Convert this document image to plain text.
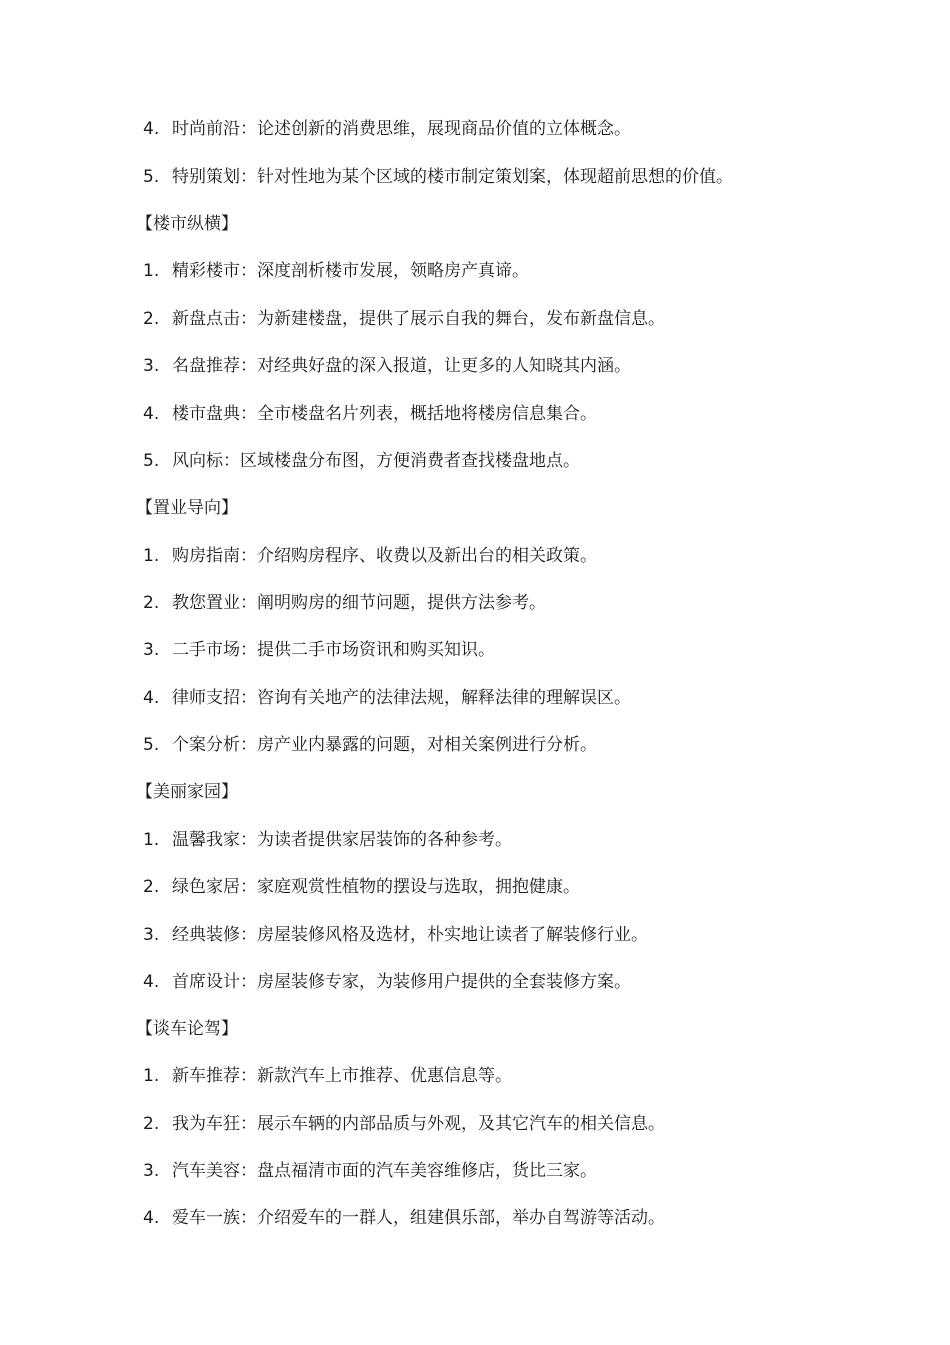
4. 时尚前沿：论述创新的消费思维，展现商品价值的立体概念。
5. 特别策划：针对性地为某个区域的楼市制定策划案，体现超前思想的价值。
【楼市纵横】
1. 精彩楼市：深度剖析楼市发展，领略房产真谛。
2. 新盘点击：为新建楼盘，提供了展示自我的舞台，发布新盘信息。
3. 名盘推荐：对经典好盘的深入报道，让更多的人知晓其内涵。
4. 楼市盘典：全市楼盘名片列表，概括地将楼房信息集合。
5. 风向标：区域楼盘分布图，方便消费者查找楼盘地点。
【置业导向】
1. 购房指南：介绍购房程序、收费以及新出台的相关政策。
2. 教您置业：阐明购房的细节问题，提供方法参考。
3. 二手市场：提供二手市场资讯和购买知识。
4. 律师支招：咨询有关地产的法律法规，解释法律的理解误区。
5. 个案分析：房产业内暴露的问题，对相关案例进行分析。
【美丽家园】
1. 温馨我家：为读者提供家居装饰的各种参考。
2. 绿色家居：家庭观赏性植物的摆设与选取，拥抱健康。
3. 经典装修：房屋装修风格及选材，朴实地让读者了解装修行业。
4. 首席设计：房屋装修专家，为装修用户提供的全套装修方案。
【谈车论驾】
1. 新车推荐：新款汽车上市推荐、优惠信息等。
2. 我为车狂：展示车辆的内部品质与外观，及其它汽车的相关信息。
3. 汽车美容：盘点福清市面的汽车美容维修店，货比三家。
4. 爱车一族：介绍爱车的一群人，组建俱乐部，举办自驾游等活动。
